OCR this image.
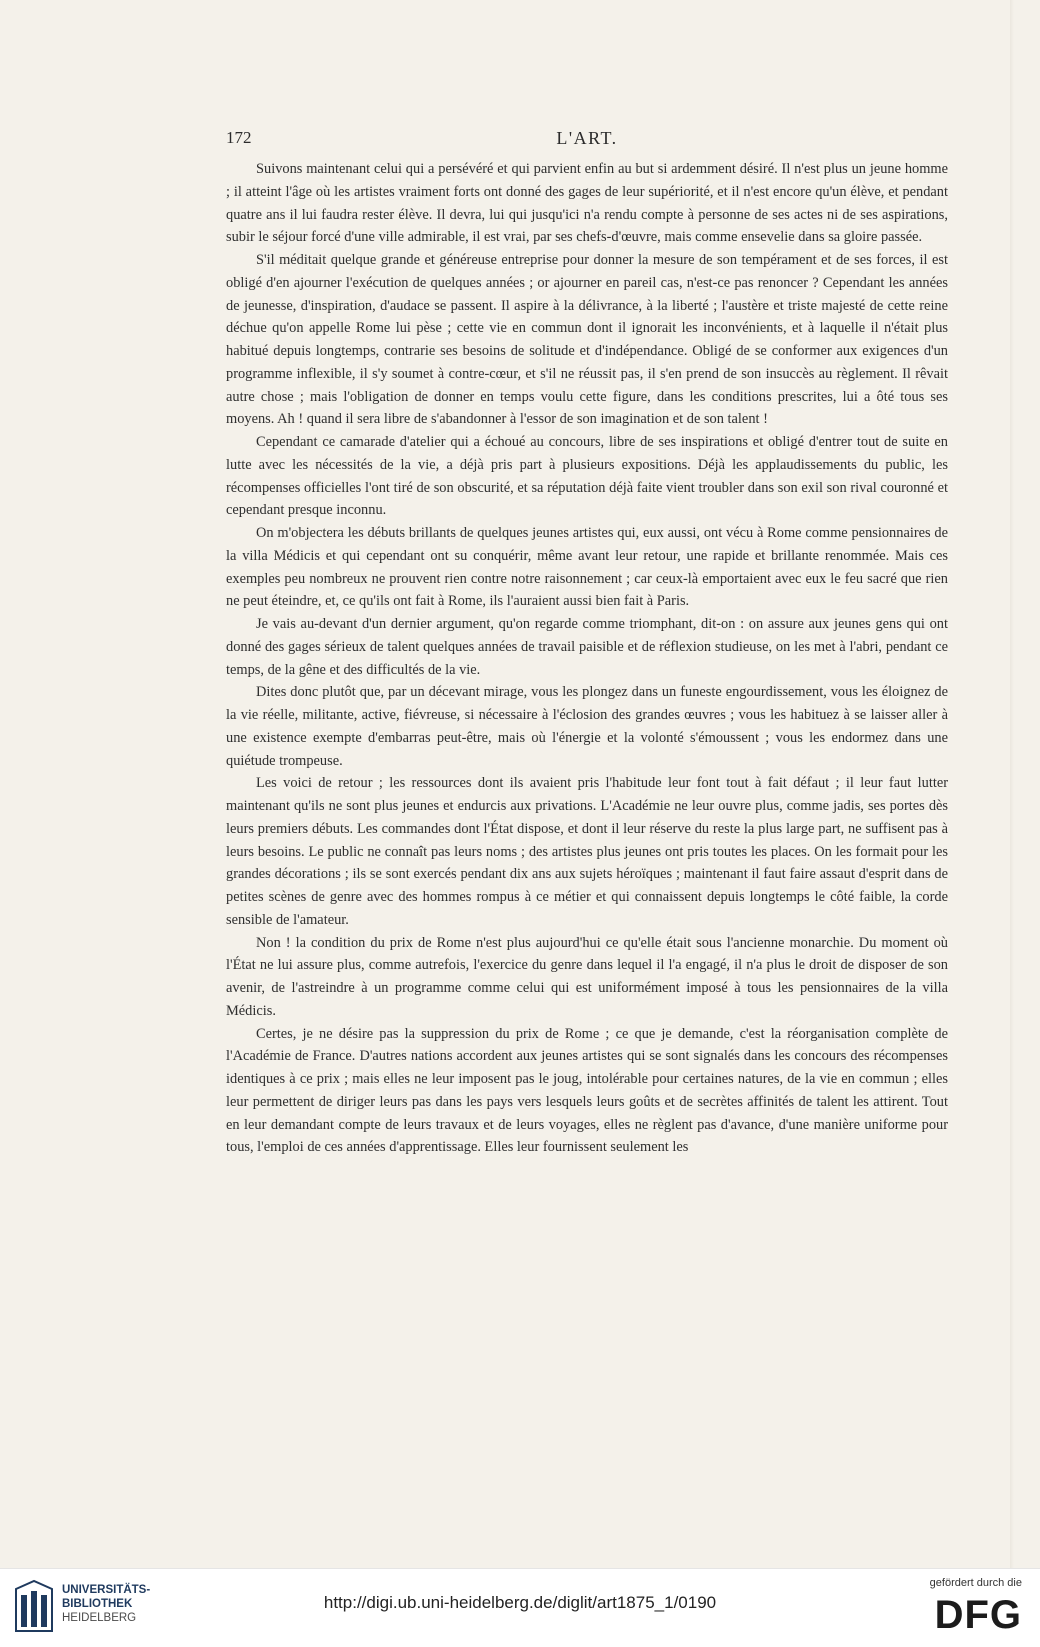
172	L'ART.

Suivons maintenant celui qui a persévéré et qui parvient enfin au but si ardemment désiré. Il n'est plus un jeune homme ; il atteint l'âge où les artistes vraiment forts ont donné des gages de leur supériorité, et il n'est encore qu'un élève, et pendant quatre ans il lui faudra rester élève. Il devra, lui qui jusqu'ici n'a rendu compte à personne de ses actes ni de ses aspirations, subir le séjour forcé d'une ville admirable, il est vrai, par ses chefs-d'œuvre, mais comme ensevelie dans sa gloire passée.

S'il méditait quelque grande et généreuse entreprise pour donner la mesure de son tempérament et de ses forces, il est obligé d'en ajourner l'exécution de quelques années ; or ajourner en pareil cas, n'est-ce pas renoncer ? Cependant les années de jeunesse, d'inspiration, d'audace se passent. Il aspire à la délivrance, à la liberté ; l'austère et triste majesté de cette reine déchue qu'on appelle Rome lui pèse ; cette vie en commun dont il ignorait les inconvénients, et à laquelle il n'était plus habitué depuis longtemps, contrarie ses besoins de solitude et d'indépendance. Obligé de se conformer aux exigences d'un programme inflexible, il s'y soumet à contre-cœur, et s'il ne réussit pas, il s'en prend de son insuccès au règlement. Il rêvait autre chose ; mais l'obligation de donner en temps voulu cette figure, dans les conditions prescrites, lui a ôté tous ses moyens. Ah ! quand il sera libre de s'abandonner à l'essor de son imagination et de son talent !

Cependant ce camarade d'atelier qui a échoué au concours, libre de ses inspirations et obligé d'entrer tout de suite en lutte avec les nécessités de la vie, a déjà pris part à plusieurs expositions. Déjà les applaudissements du public, les récompenses officielles l'ont tiré de son obscurité, et sa réputation déjà faite vient troubler dans son exil son rival couronné et cependant presque inconnu.

On m'objectera les débuts brillants de quelques jeunes artistes qui, eux aussi, ont vécu à Rome comme pensionnaires de la villa Médicis et qui cependant ont su conquérir, même avant leur retour, une rapide et brillante renommée. Mais ces exemples peu nombreux ne prouvent rien contre notre raisonnement ; car ceux-là emportaient avec eux le feu sacré que rien ne peut éteindre, et, ce qu'ils ont fait à Rome, ils l'auraient aussi bien fait à Paris.

Je vais au-devant d'un dernier argument, qu'on regarde comme triomphant, dit-on : on assure aux jeunes gens qui ont donné des gages sérieux de talent quelques années de travail paisible et de réflexion studieuse, on les met à l'abri, pendant ce temps, de la gêne et des difficultés de la vie.

Dites donc plutôt que, par un décevant mirage, vous les plongez dans un funeste engourdissement, vous les éloignez de la vie réelle, militante, active, fiévreuse, si nécessaire à l'éclosion des grandes œuvres ; vous les habituez à se laisser aller à une existence exempte d'embarras peut-être, mais où l'énergie et la volonté s'émoussent ; vous les endormez dans une quiétude trompeuse.

Les voici de retour ; les ressources dont ils avaient pris l'habitude leur font tout à fait défaut ; il leur faut lutter maintenant qu'ils ne sont plus jeunes et endurcis aux privations. L'Académie ne leur ouvre plus, comme jadis, ses portes dès leurs premiers débuts. Les commandes dont l'État dispose, et dont il leur réserve du reste la plus large part, ne suffisent pas à leurs besoins. Le public ne connaît pas leurs noms ; des artistes plus jeunes ont pris toutes les places. On les formait pour les grandes décorations ; ils se sont exercés pendant dix ans aux sujets héroïques ; maintenant il faut faire assaut d'esprit dans de petites scènes de genre avec des hommes rompus à ce métier et qui connaissent depuis longtemps le côté faible, la corde sensible de l'amateur.

Non ! la condition du prix de Rome n'est plus aujourd'hui ce qu'elle était sous l'ancienne monarchie. Du moment où l'État ne lui assure plus, comme autrefois, l'exercice du genre dans lequel il l'a engagé, il n'a plus le droit de disposer de son avenir, de l'astreindre à un programme comme celui qui est uniformément imposé à tous les pensionnaires de la villa Médicis.

Certes, je ne désire pas la suppression du prix de Rome ; ce que je demande, c'est la réorganisation complète de l'Académie de France. D'autres nations accordent aux jeunes artistes qui se sont signalés dans les concours des récompenses identiques à ce prix ; mais elles ne leur imposent pas le joug, intolérable pour certaines natures, de la vie en commun ; elles leur permettent de diriger leurs pas dans les pays vers lesquels leurs goûts et de secrètes affinités de talent les attirent. Tout en leur demandant compte de leurs travaux et de leurs voyages, elles ne règlent pas d'avance, d'une manière uniforme pour tous, l'emploi de ces années d'apprentissage. Elles leur fournissent seulement les

UNIVERSITÄTS-
BIBLIOTHEK
HEIDELBERG
http://digi.ub.uni-heidelberg.de/diglit/art1875_1/0190
gefördert durch die
DFG
